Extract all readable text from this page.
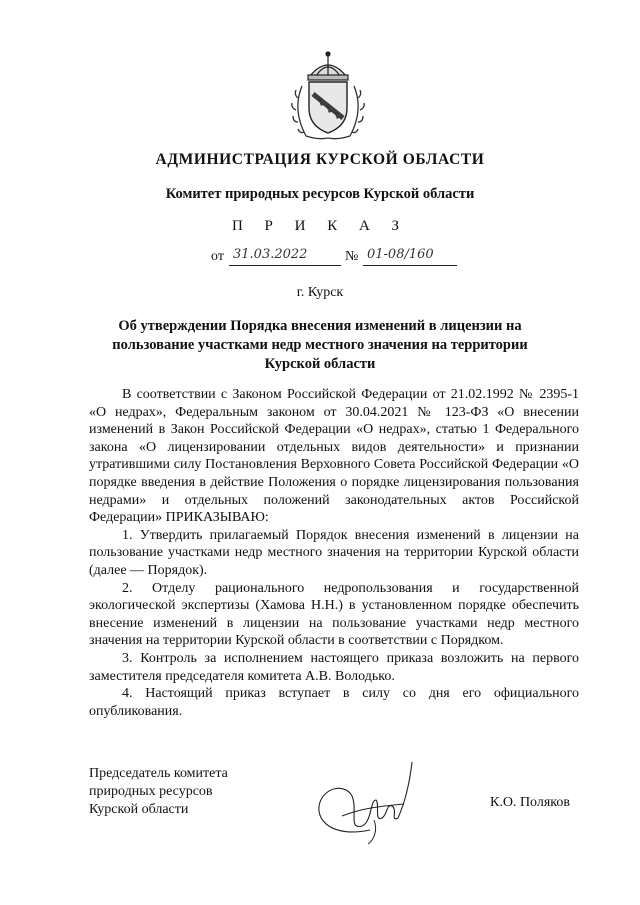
АДМИНИСТРАЦИЯ КУРСКОЙ ОБЛАСТИ
Комитет природных ресурсов Курской области
П Р И К А З
от 31.03.2022	№ 01-08/160
г. Курск
Об утверждении Порядка внесения изменений в лицензии на пользование участками недр местного значения на территории Курской области

В соответствии с Законом Российской Федерации от 21.02.1992 № 2395-1 «О недрах», Федеральным законом от 30.04.2021 № 123-ФЗ «О внесении изменений в Закон Российской Федерации «О недрах», статью 1 Федерального закона «О лицензировании отдельных видов деятельности» и признании утратившими силу Постановления Верховного Совета Российской Федерации «О порядке введения в действие Положения о порядке лицензирования пользования недрами» и отдельных положений законодательных актов Российской Федерации» ПРИКАЗЫВАЮ:

1. Утвердить прилагаемый Порядок внесения изменений в лицензии на пользование участками недр местного значения на территории Курской области (далее — Порядок).

2. Отделу рационального недропользования и государственной экологической экспертизы (Хамова Н.Н.) в установленном порядке обеспечить внесение изменений в лицензии на пользование участками недр местного значения на территории Курской области в соответствии с Порядком.

3. Контроль за исполнением настоящего приказа возложить на первого заместителя председателя комитета А.В. Володько.

4. Настоящий приказ вступает в силу со дня его официального опубликования.

Председатель комитета
природных ресурсов
Курской области	К.О. Поляков
